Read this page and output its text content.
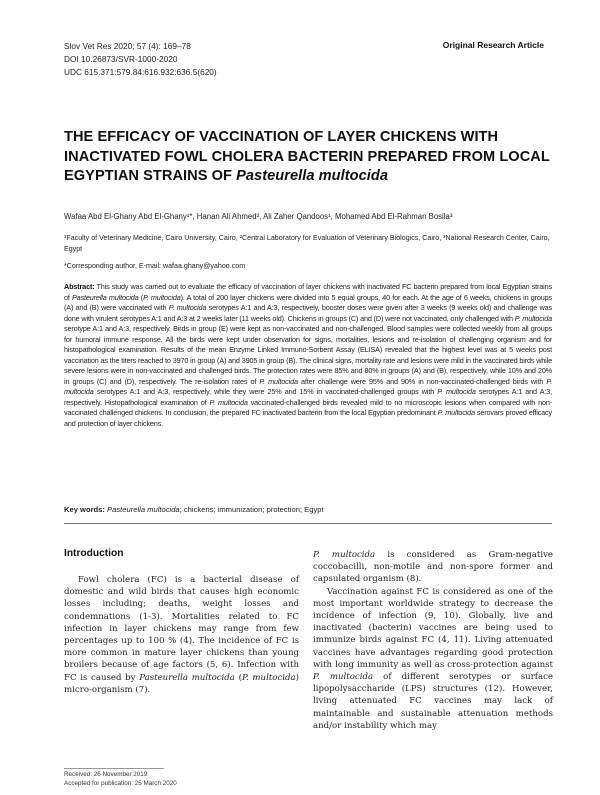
Slov Vet Res 2020; 57 (4): 169–78
DOI 10.26873/SVR-1000-2020
UDC 615.371:579.84:616.932:636.5(620)
Original Research Article
THE EFFICACY OF VACCINATION OF LAYER CHICKENS WITH INACTIVATED FOWL CHOLERA BACTERIN PREPARED FROM LOCAL EGYPTIAN STRAINS OF Pasteurella multocida
Wafaa Abd El-Ghany Abd El-Ghany¹*, Hanan Ali Ahmed², Ali Zaher Qandoos¹, Mohamed Abd El-Rahman Bosila³
¹Faculty of Veterinary Medicine, Cairo University, Cairo, ²Central Laboratory for Evaluation of Veterinary Biologics, Cairo, ³National Research Center, Cairo, Egypt
*Corresponding author, E-mail: wafaa.ghany@yahoo.com

Abstract: This study was carried out to evaluate the efficacy of vaccination of layer chickens with inactivated FC bacterin prepared from local Egyptian strains of Pasteurella multocida (P. multocida). A total of 200 layer chickens were divided into 5 equal groups, 40 for each. At the age of 6 weeks, chickens in groups (A) and (B) were vaccinated with P. multocida serotypes A:1 and A:3, respectively, booster doses were given after 3 weeks (9 weeks old) and challenge was done with virulent serotypes A:1 and A:3 at 2 weeks later (11 weeks old). Chickens in groups (C) and (D) were not vaccinated, only challenged with P. multocida serotype A:1 and A:3, respectively. Birds in group (E) were kept as non-vaccinated and non-challenged. Blood samples were collected weekly from all groups for humoral immune response. All the birds were kept under observation for signs, mortalities, lesions and re-isolation of challenging organism and for histopathological examination. Results of the mean Enzyme Linked Immuno-Sorbent Assay (ELISA) revealed that the highest level was at 5 weeks post vaccination as the titers reached to 3970 in group (A) and 3905 in group (B). The clinical signs, mortality rate and lesions were mild in the vaccinated birds while severe lesions were in non-vaccinated and challenged birds. The protection rates were 85% and 80% in groups (A) and (B), respectively, while 10% and 20% in groups (C) and (D), respectively. The re-isolation rates of P. multocida after challenge were 95% and 90% in non-vaccinated-challenged birds with P. multocida serotypes A:1 and A:3, respectively, while they were 25% and 15% in vaccinated-challenged groups with P. multocida serotypes A:1 and A:3, respectively. Histopathological examination of P. multocida vaccinated-challenged birds revealed mild to no microscopic lesions when compared with non-vaccinated challenged chickens. In conclusion, the prepared FC inactivated bacterin from the local Egyptian predominant P. multocida serovars proved efficacy and protection of layer chickens.

Key words: Pasteurella multocida; chickens; immunization; protection; Egypt
Introduction

Fowl cholera (FC) is a bacterial disease of domestic and wild birds that causes high economic losses including; deaths, weight losses and condemnations (1-3). Mortalities related to FC infection in layer chickens may range from few percentages up to 100 % (4). The incidence of FC is more common in mature layer chickens than young broilers because of age factors (5, 6). Infection with FC is caused by Pasteurella multocida (P. multocida) micro-organism (7).

P. multocida is considered as Gram-negative coccobacilli, non-motile and non-spore former and capsulated organism (8).

Vaccination against FC is considered as one of the most important worldwide strategy to decrease the incidence of infection (9, 10). Globally, live and inactivated (bacterin) vaccines are being used to immunize birds against FC (4, 11). Living attenuated vaccines have advantages regarding good protection with long immunity as well as cross-protection against P. multocida of different serotypes or surface lipopolysaccharide (LPS) structures (12). However, living attenuated FC vaccines may lack of maintainable and sustainable attenuation methods and/or instability which may

Received: 26 November 2019
Accepted for publication: 25 March 2020
